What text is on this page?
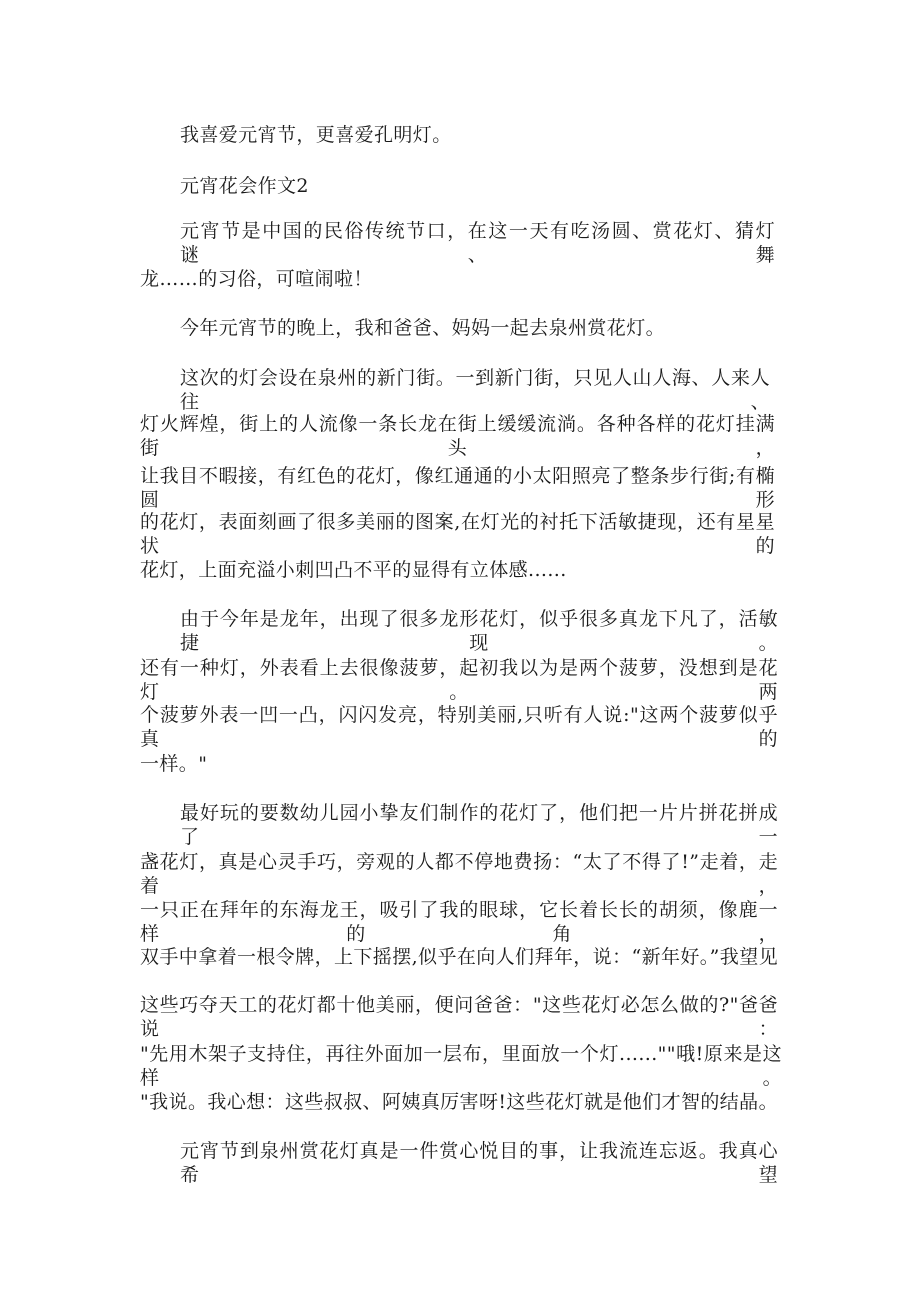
我喜爱元宵节，更喜爱孔明灯。
元宵花会作文2
元宵节是中国的民俗传统节口，在这一天有吃汤圆、赏花灯、猜灯谜、舞
龙……的习俗，可喧闹啦！
今年元宵节的晚上，我和爸爸、妈妈一起去泉州赏花灯。
这次的灯会设在泉州的新门街。一到新门街，只见人山人海、人来人往、
灯火辉煌，街上的人流像一条长龙在街上缓缓流淌。各种各样的花灯挂满街头，
让我目不暇接，有红色的花灯，像红通通的小太阳照亮了整条步行街;有椭圆形
的花灯，表面刻画了很多美丽的图案,在灯光的衬托下活敏捷现，还有星星状的
花灯，上面充溢小刺凹凸不平的显得有立体感......
由于今年是龙年，出现了很多龙形花灯，似乎很多真龙下凡了，活敏捷现。
还有一种灯，外表看上去很像菠萝，起初我以为是两个菠萝，没想到是花灯。两
个菠萝外表一凹一凸，闪闪发亮，特别美丽,只听有人说:"这两个菠萝似乎真的
一样。"
最好玩的要数幼儿园小挚友们制作的花灯了，他们把一片片拼花拼成了一
盏花灯，真是心灵手巧，旁观的人都不停地费扬：“太了不得了!”走着，走着，
一只正在拜年的东海龙王，吸引了我的眼球，它长着长长的胡须，像鹿一样的角，
双手中拿着一根令牌，上下摇摆,似乎在向人们拜年，说：“新年好。”我望见
这些巧夺天工的花灯都十他美丽，便问爸爸："这些花灯必怎么做的?"爸爸说：
"先用木架子支持住，再往外面加一层布，里面放一个灯......""哦!原来是这样。
"我说。我心想：这些叔叔、阿姨真厉害呀!这些花灯就是他们才智的结晶。
元宵节到泉州赏花灯真是一件赏心悦目的事，让我流连忘返。我真心希望
